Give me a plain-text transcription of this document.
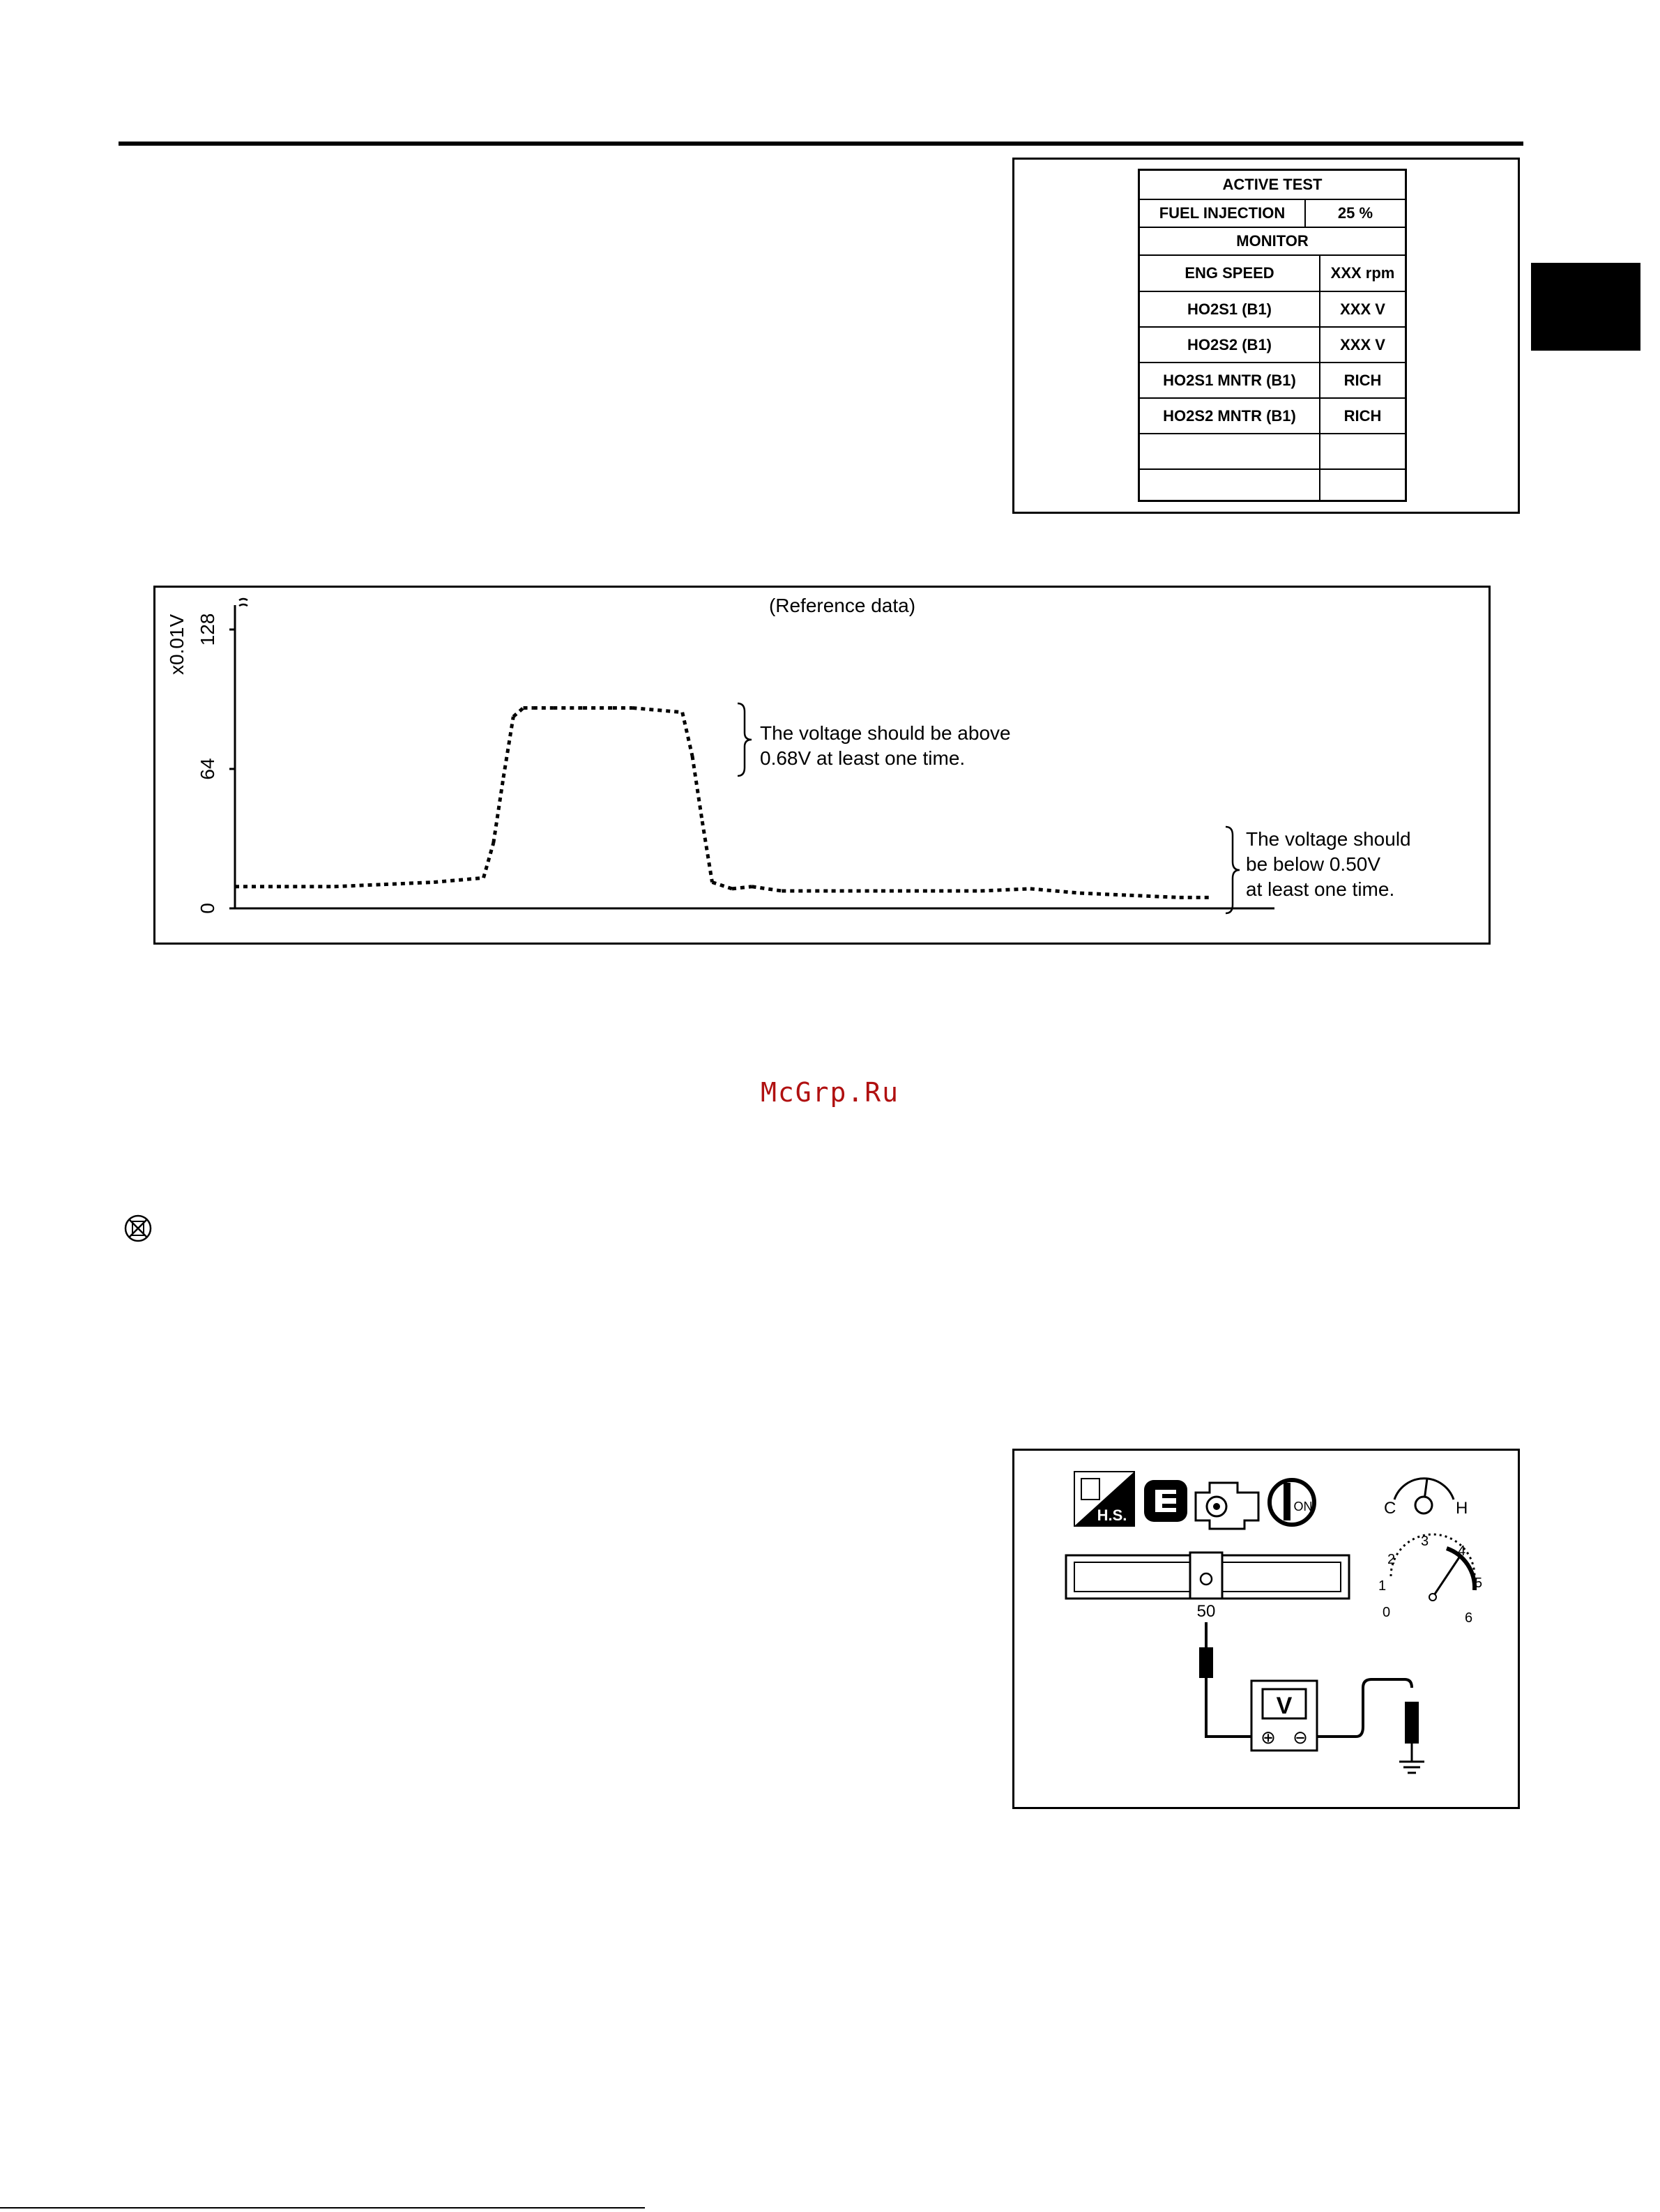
ACTIVE TEST
FUEL INJECTION	25 %
MONITOR
ENG SPEED	XXX rpm
HO2S1 (B1)	XXX V
HO2S2 (B1)	XXX V
HO2S1 MNTR (B1)	RICH
HO2S2 MNTR (B1)	RICH
(Reference data)
x0.01V
0
64
128
The voltage should be above
0.68V at least one time.
The voltage should
be below 0.50V
at least one time.
McGrp.Ru
H.S.	ON	C	H
50	0
1
2
3
4
5
6
V
⊕ ⊖
